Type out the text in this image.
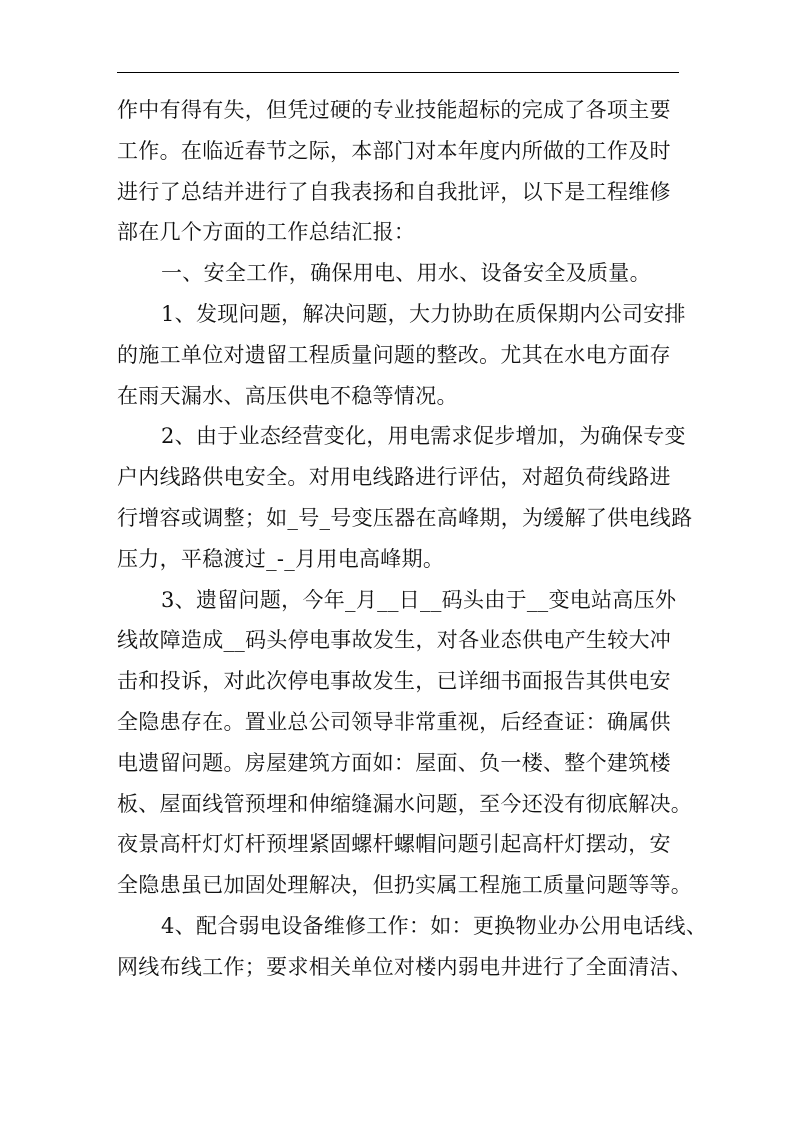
作中有得有失，但凭过硬的专业技能超标的完成了各项主要
工作。在临近春节之际，本部门对本年度内所做的工作及时
进行了总结并进行了自我表扬和自我批评，以下是工程维修
部在几个方面的工作总结汇报：
一、安全工作，确保用电、用水、设备安全及质量。
1、发现问题，解决问题，大力协助在质保期内公司安排
的施工单位对遗留工程质量问题的整改。尤其在水电方面存
在雨天漏水、高压供电不稳等情况。
2、由于业态经营变化，用电需求促步增加，为确保专变
户内线路供电安全。对用电线路进行评估，对超负荷线路进
行增容或调整；如_号_号变压器在高峰期，为缓解了供电线路
压力，平稳渡过_-_月用电高峰期。
3、遗留问题，今年_月__日__码头由于__变电站高压外
线故障造成__码头停电事故发生，对各业态供电产生较大冲
击和投诉，对此次停电事故发生，已详细书面报告其供电安
全隐患存在。置业总公司领导非常重视，后经查证：确属供
电遗留问题。房屋建筑方面如：屋面、负一楼、整个建筑楼
板、屋面线管预埋和伸缩缝漏水问题，至今还没有彻底解决。
夜景高杆灯灯杆预埋紧固螺杆螺帽问题引起高杆灯摆动，安
全隐患虽已加固处理解决，但扔实属工程施工质量问题等等。
4、配合弱电设备维修工作：如：更换物业办公用电话线、
网线布线工作；要求相关单位对楼内弱电井进行了全面清洁、
